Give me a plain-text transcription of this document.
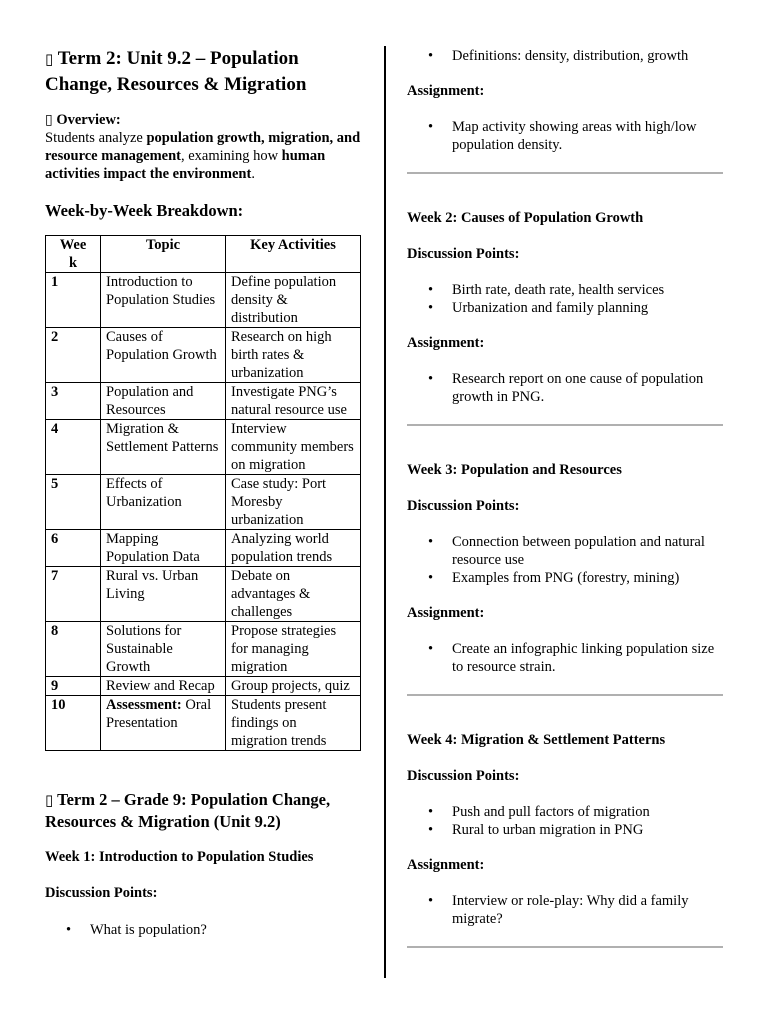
▯ Term 2: Unit 9.2 – Population
Change, Resources & Migration

▯ Overview:

Students analyze population growth, migration, and resource management, examining how human activities impact the environment.

Week-by-Week Breakdown:
Wee
k	Topic	Key Activities
1	Introduction to Population Studies	Define population density & distribution
2	Causes of Population Growth	Research on high birth rates & urbanization
3	Population and Resources	Investigate PNG’s natural resource use
4	Migration & Settlement Patterns	Interview community members on migration
5	Effects of Urbanization	Case study: Port Moresby urbanization
6	Mapping Population Data	Analyzing world population trends
7	Rural vs. Urban Living	Debate on advantages & challenges
8	Solutions for Sustainable Growth	Propose strategies for managing migration
9	Review and Recap	Group projects, quiz
10	Assessment: Oral Presentation	Students present findings on migration trends
▯ Term 2 – Grade 9: Population Change,
Resources & Migration (Unit 9.2)

Week 1: Introduction to Population Studies

Discussion Points:

• What is population?
• Definitions: density, distribution, growth

Assignment:

• Map activity showing areas with high/low population density.

Week 2: Causes of Population Growth

Discussion Points:

• Birth rate, death rate, health services
• Urbanization and family planning

Assignment:

• Research report on one cause of population growth in PNG.

Week 3: Population and Resources

Discussion Points:

• Connection between population and natural resource use
• Examples from PNG (forestry, mining)

Assignment:

• Create an infographic linking population size to resource strain.

Week 4: Migration & Settlement Patterns

Discussion Points:

• Push and pull factors of migration
• Rural to urban migration in PNG

Assignment:

• Interview or role-play: Why did a family migrate?
